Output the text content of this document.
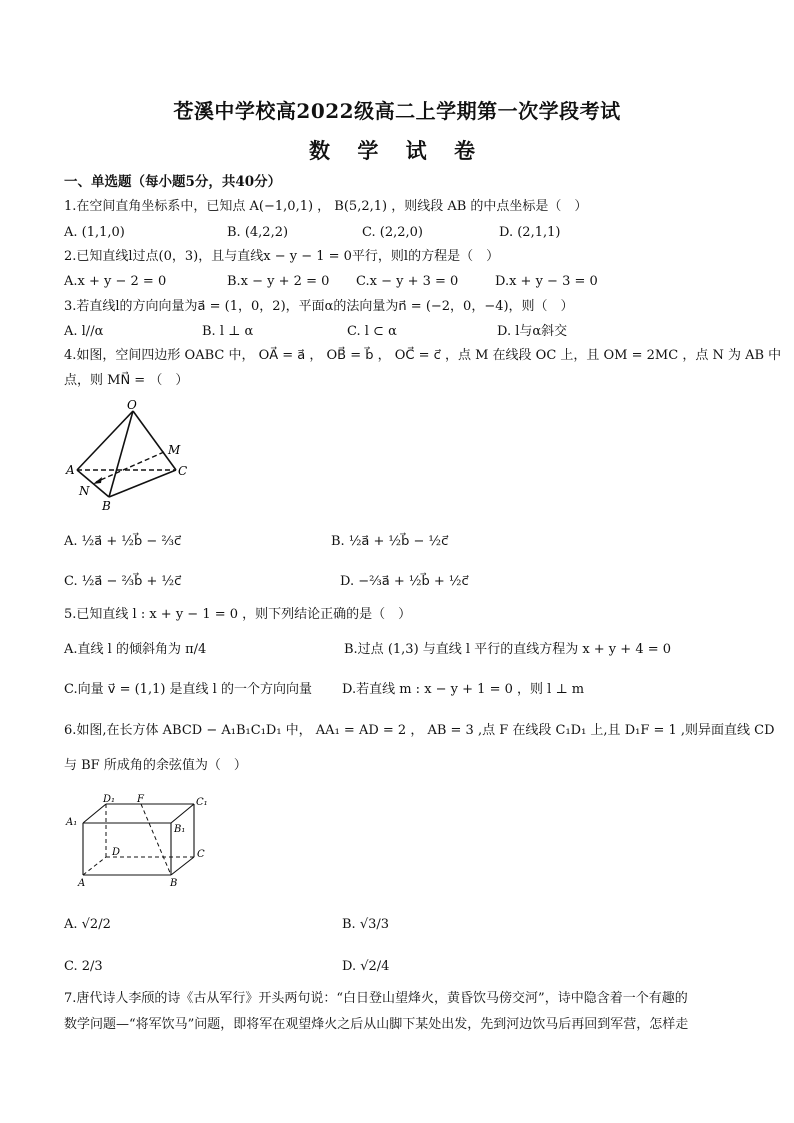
苍溪中学校高2022级高二上学期第一次学段考试
数 学 试 卷
一、单选题（每小题5分，共40分）
1.在空间直角坐标系中，已知点 A(−1,0,1) ， B(5,2,1) ，则线段 AB 的中点坐标是（　）
A. (1,1,0)	B. (4,2,2)	C. (2,2,0)	D. (2,1,1)
2.已知直线l过点(0，3)，且与直线x − y − 1 = 0平行，则l的方程是（　）
A.x + y − 2 = 0	B.x − y + 2 = 0 C.x − y + 3 = 0	D.x + y − 3 = 0
3.若直线l的方向向量为a⃗ = (1，0，2)，平面α的法向量为n⃗ = (−2，0，−4)，则（　）
A. l//α	B. l ⊥ α	C. l ⊂ α	D. l与α斜交
4.如图，空间四边形 OABC 中， OA⃗ = a⃗ ， OB⃗ = b⃗ ， OC⃗ = c⃗ ，点 M 在线段 OC 上，且 OM = 2MC ，点 N 为 AB 中
点，则 MN⃗ = （　）
O
A
B
C
M
N
A. ½a⃗ + ½b⃗ − ⅔c⃗	B. ½a⃗ + ½b⃗ − ½c⃗
C. ½a⃗ − ⅔b⃗ + ½c⃗	D. −⅔a⃗ + ½b⃗ + ½c⃗
5.已知直线 l : x + y − 1 = 0 ，则下列结论正确的是（　）
A.直线 l 的倾斜角为 π/4	B.过点 (1,3) 与直线 l 平行的直线方程为 x + y + 4 = 0
C.向量 v⃗ = (1,1) 是直线 l 的一个方向向量 D.若直线 m : x − y + 1 = 0 ，则 l ⊥ m
6.如图,在长方体 ABCD − A₁B₁C₁D₁ 中， AA₁ = AD = 2 ， AB = 3 ,点 F 在线段 C₁D₁ 上,且 D₁F = 1 ,则异面直线 CD
与 BF 所成角的余弦值为（　）
D₁ F	C₁
A₁
B₁
D	C
A	B
A. √2/2	B. √3/3
C. 2/3	D. √2/4
7.唐代诗人李颀的诗《古从军行》开头两句说：“白日登山望烽火，黄昏饮马傍交河”，诗中隐含着一个有趣的
数学问题—“将军饮马”问题，即将军在观望烽火之后从山脚下某处出发，先到河边饮马后再回到军营，怎样走
